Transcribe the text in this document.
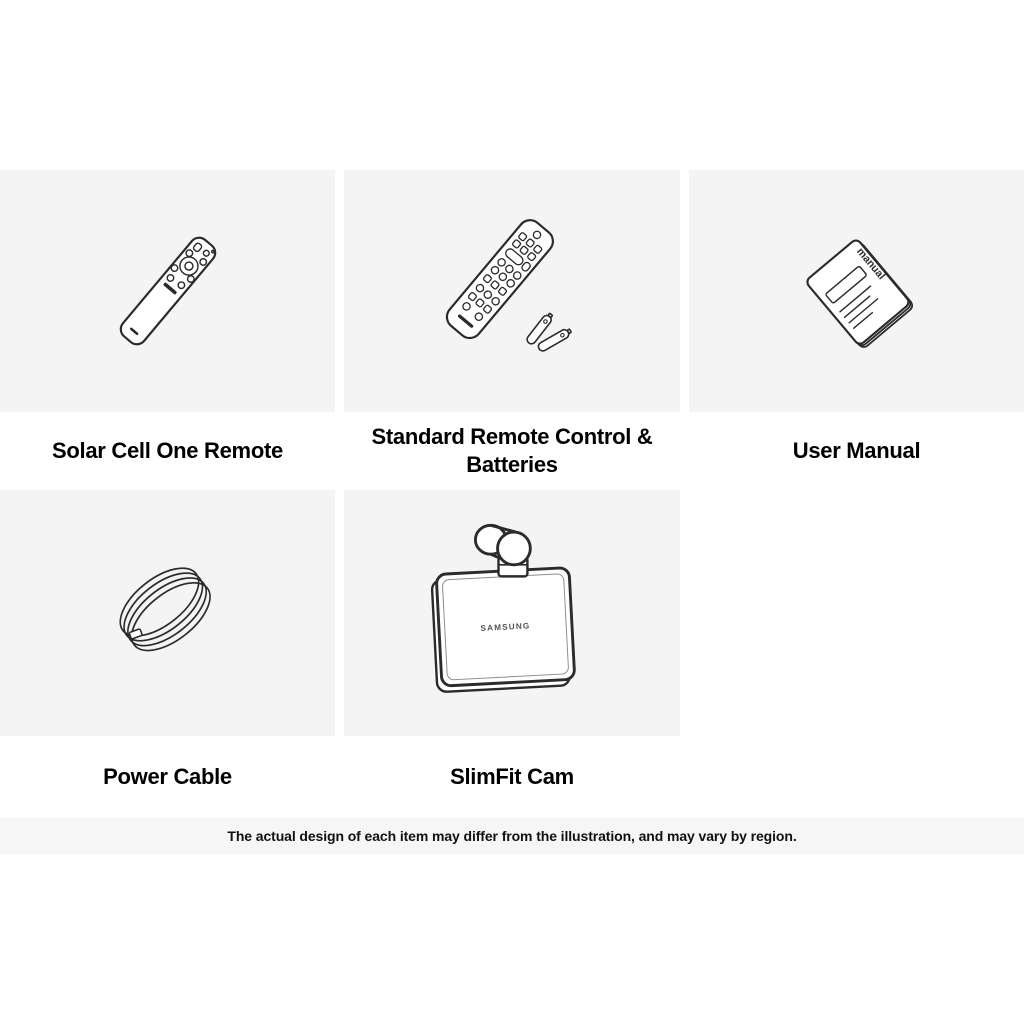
Solar Cell One Remote
Standard Remote Control & Batteries
manual
User Manual
Power Cable
SAMSUNG
SlimFit Cam
The actual design of each item may differ from the illustration, and may vary by region.
